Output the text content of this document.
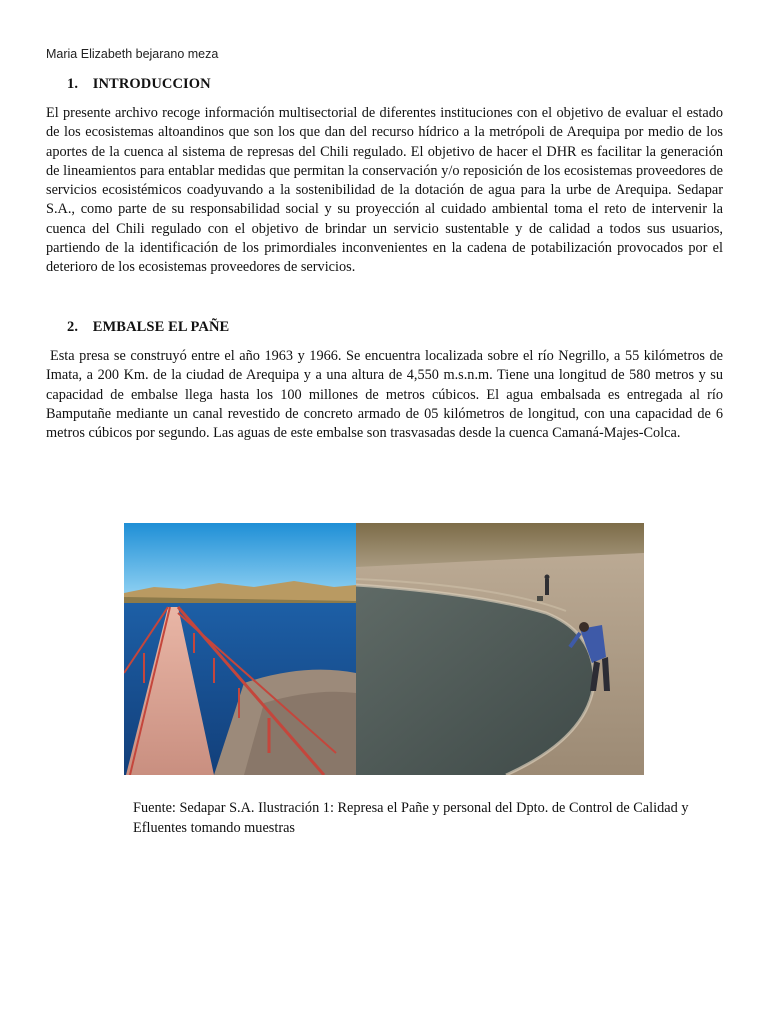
Maria Elizabeth bejarano meza
1. INTRODUCCION

El presente archivo recoge información multisectorial de diferentes instituciones con el objetivo de evaluar el estado de los ecosistemas altoandinos que son los que dan del recurso hídrico a la metrópoli de Arequipa por medio de los aportes de la cuenca al sistema de represas del Chili regulado. El objetivo de hacer el DHR es facilitar la generación de lineamientos para entablar medidas que permitan la conservación y/o reposición de los ecosistemas proveedores de servicios ecosistémicos coadyuvando a la sostenibilidad de la dotación de agua para la urbe de Arequipa. Sedapar S.A., como parte de su responsabilidad social y su proyección al cuidado ambiental toma el reto de intervenir la cuenca del Chili regulado con el objetivo de brindar un servicio sustentable y de calidad a todos sus usuarios, partiendo de la identificación de los primordiales inconvenientes en la cadena de potabilización provocados por el deterioro de los ecosistemas proveedores de servicios.

2. EMBALSE EL PAÑE

Esta presa se construyó entre el año 1963 y 1966. Se encuentra localizada sobre el río Negrillo, a 55 kilómetros de Imata, a 200 Km. de la ciudad de Arequipa y a una altura de 4,550 m.s.n.m. Tiene una longitud de 580 metros y su capacidad de embalse llega hasta los 100 millones de metros cúbicos. El agua embalsada es entregada al río Bamputañe mediante un canal revestido de concreto armado de 05 kilómetros de longitud, con una capacidad de 6 metros cúbicos por segundo. Las aguas de este embalse son trasvasadas desde la cuenca Camaná-Majes-Colca.

Fuente: Sedapar S.A. Ilustración 1: Represa el Pañe y personal del Dpto. de Control de Calidad y Efluentes tomando muestras
